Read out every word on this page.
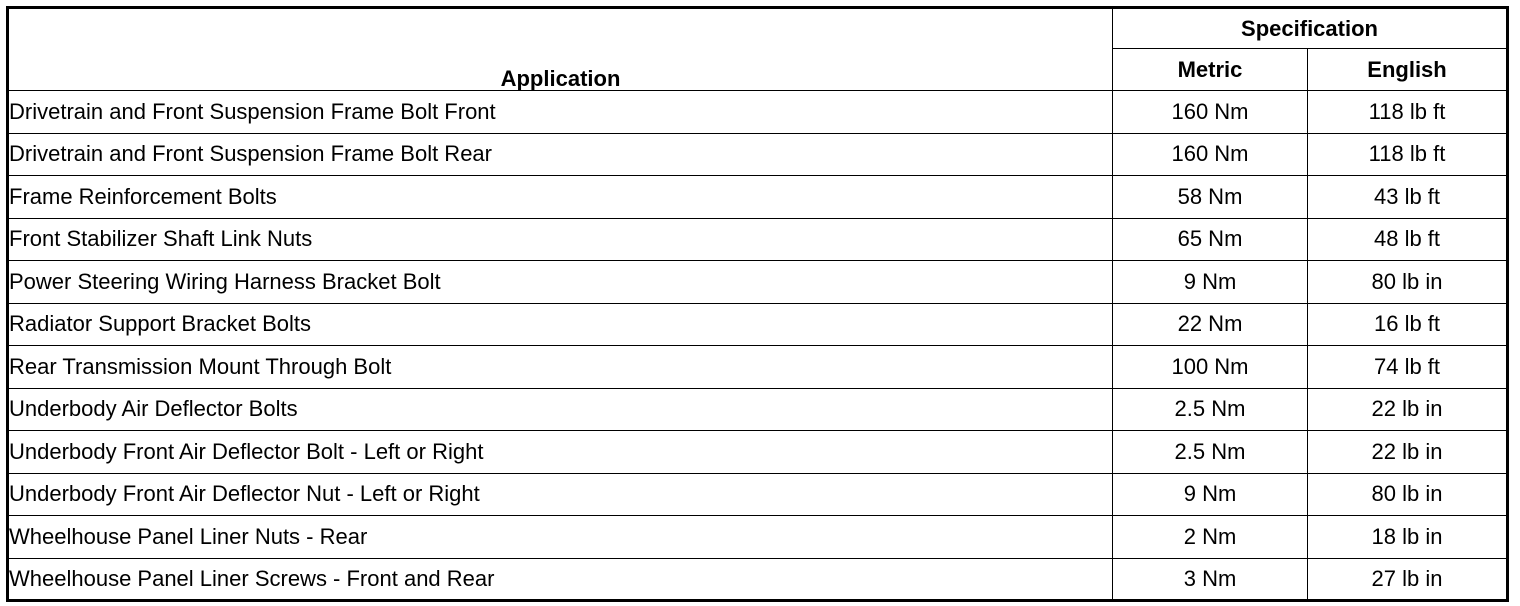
Application	Specification	
	Metric	English
Drivetrain and Front Suspension Frame Bolt Front	160 Nm	118 lb ft
Drivetrain and Front Suspension Frame Bolt Rear	160 Nm	118 lb ft
Frame Reinforcement Bolts	58 Nm	43 lb ft
Front Stabilizer Shaft Link Nuts	65 Nm	48 lb ft
Power Steering Wiring Harness Bracket Bolt	9 Nm	80 lb in
Radiator Support Bracket Bolts	22 Nm	16 lb ft
Rear Transmission Mount Through Bolt	100 Nm	74 lb ft
Underbody Air Deflector Bolts	2.5 Nm	22 lb in
Underbody Front Air Deflector Bolt - Left or Right	2.5 Nm	22 lb in
Underbody Front Air Deflector Nut - Left or Right	9 Nm	80 lb in
Wheelhouse Panel Liner Nuts - Rear	2 Nm	18 lb in
Wheelhouse Panel Liner Screws - Front and Rear	3 Nm	27 lb in
